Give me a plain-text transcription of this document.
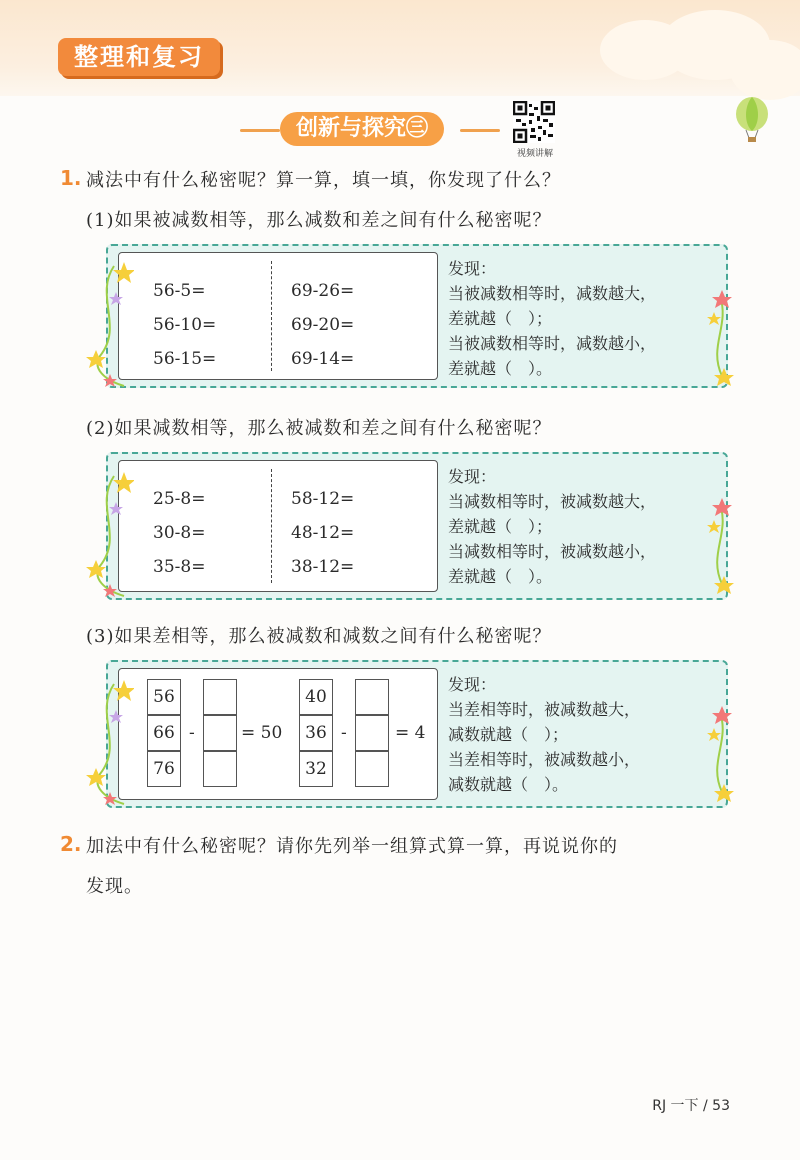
整理和复习
创新与探究㊂
视频讲解
1. 减法中有什么秘密呢？算一算，填一填，你发现了什么？
(1)如果被减数相等，那么减数和差之间有什么秘密呢？
56-5=
56-10=
56-15=
69-26=
69-20=
69-14=
发现：
当被减数相等时，减数越大，
差就越（　）；
当被减数相等时，减数越小，
差就越（　）。
(2)如果减数相等，那么被减数和差之间有什么秘密呢？
25-8=
30-8=
35-8=
58-12=
48-12=
38-12=
发现：
当减数相等时，被减数越大，
差就越（　）；
当减数相等时，被减数越小，
差就越（　）。
(3)如果差相等，那么被减数和减数之间有什么秘密呢？
56
66
76
-	= 50
40
36
32
-	= 4
发现：
当差相等时，被减数越大，
减数就越（　）；
当差相等时，被减数越小，
减数就越（　）。
2. 加法中有什么秘密呢？请你先列举一组算式算一算，再说说你的
发现。
RJ 一下 / 53
